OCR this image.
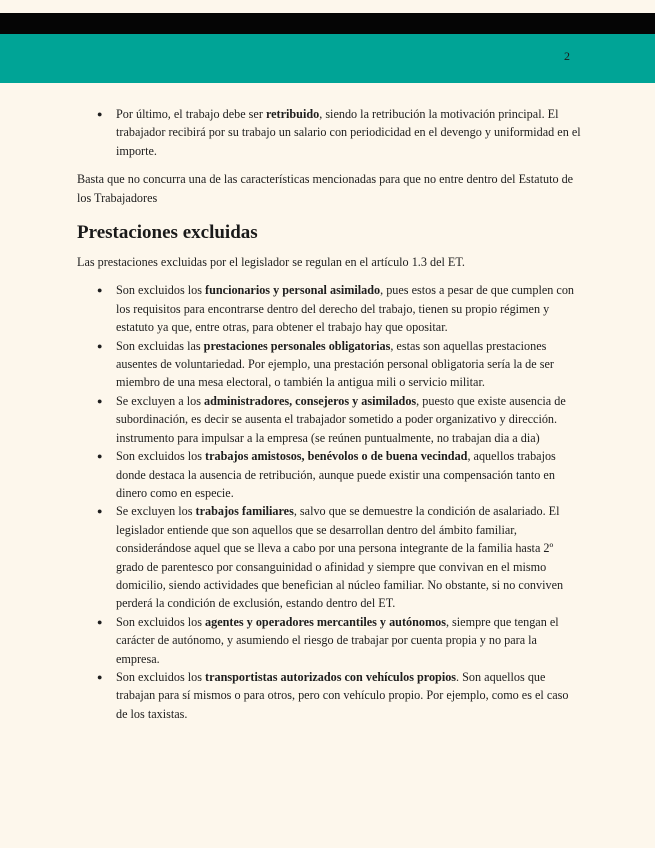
2
● Por último, el trabajo debe ser retribuido, siendo la retribución la motivación principal. El trabajador recibirá por su trabajo un salario con periodicidad en el devengo y uniformidad en el importe.

Basta que no concurra una de las características mencionadas para que no entre dentro del Estatuto de los Trabajadores

Prestaciones excluidas

Las prestaciones excluidas por el legislador se regulan en el artículo 1.3 del ET.

● Son excluidos los funcionarios y personal asimilado, pues estos a pesar de que cumplen con los requisitos para encontrarse dentro del derecho del trabajo, tienen su propio régimen y estatuto ya que, entre otras, para obtener el trabajo hay que opositar.
● Son excluidas las prestaciones personales obligatorias, estas son aquellas prestaciones ausentes de voluntariedad. Por ejemplo, una prestación personal obligatoria sería la de ser miembro de una mesa electoral, o también la antigua mili o servicio militar.
● Se excluyen a los administradores, consejeros y asimilados, puesto que existe ausencia de subordinación, es decir se ausenta el trabajador sometido a poder organizativo y dirección. instrumento para impulsar a la empresa (se reúnen puntualmente, no trabajan dia a dia)
● Son excluidos los trabajos amistosos, benévolos o de buena vecindad, aquellos trabajos donde destaca la ausencia de retribución, aunque puede existir una compensación tanto en dinero como en especie.
● Se excluyen los trabajos familiares, salvo que se demuestre la condición de asalariado. El legislador entiende que son aquellos que se desarrollan dentro del ámbito familiar, considerándose aquel que se lleva a cabo por una persona integrante de la familia hasta 2º grado de parentesco por consanguinidad o afinidad y siempre que convivan en el mismo domicilio, siendo actividades que benefician al núcleo familiar. No obstante, si no conviven perderá la condición de exclusión, estando dentro del ET.
● Son excluidos los agentes y operadores mercantiles y autónomos, siempre que tengan el carácter de autónomo, y asumiendo el riesgo de trabajar por cuenta propia y no para la empresa.
● Son excluidos los transportistas autorizados con vehículos propios. Son aquellos que trabajan para sí mismos o para otros, pero con vehículo propio. Por ejemplo, como es el caso de los taxistas.
